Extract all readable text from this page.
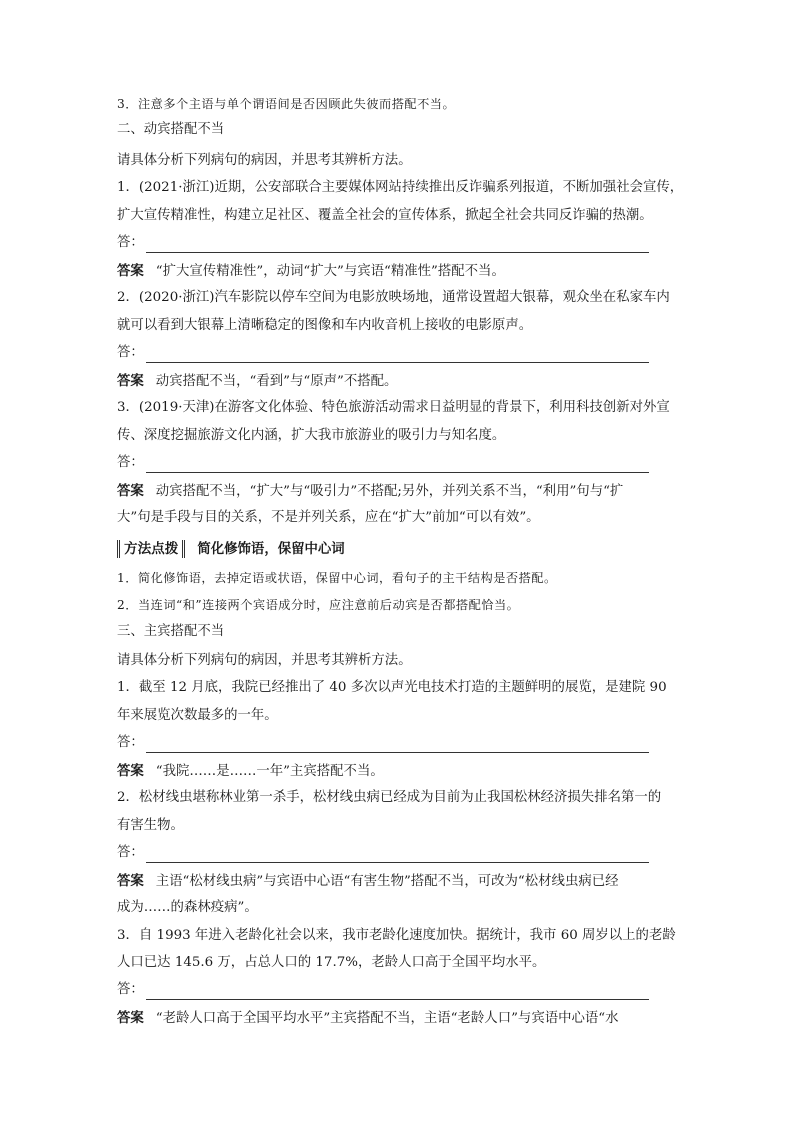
3．注意多个主语与单个谓语间是否因顾此失彼而搭配不当。
二、动宾搭配不当
请具体分析下列病句的病因，并思考其辨析方法。
1．(2021·浙江)近期，公安部联合主要媒体网站持续推出反诈骗系列报道，不断加强社会宣传，
扩大宣传精准性，构建立足社区、覆盖全社会的宣传体系，掀起全社会共同反诈骗的热潮。
答：
答案 “扩大宣传精准性”，动词“扩大”与宾语“精准性”搭配不当。
2．(2020·浙江)汽车影院以停车空间为电影放映场地，通常设置超大银幕，观众坐在私家车内
就可以看到大银幕上清晰稳定的图像和车内收音机上接收的电影原声。
答：
答案 动宾搭配不当，“看到”与“原声”不搭配。
3．(2019·天津)在游客文化体验、特色旅游活动需求日益明显的背景下，利用科技创新对外宣
传、深度挖掘旅游文化内涵，扩大我市旅游业的吸引力与知名度。
答：
答案 动宾搭配不当，“扩大”与“吸引力”不搭配;另外，并列关系不当，“利用”句与“扩
大”句是手段与目的关系，不是并列关系，应在“扩大”前加“可以有效”。
方法点拨 简化修饰语，保留中心词
1．简化修饰语，去掉定语或状语，保留中心词，看句子的主干结构是否搭配。
2．当连词“和”连接两个宾语成分时，应注意前后动宾是否都搭配恰当。
三、主宾搭配不当
请具体分析下列病句的病因，并思考其辨析方法。
1．截至 12 月底，我院已经推出了 40 多次以声光电技术打造的主题鲜明的展览，是建院 90
年来展览次数最多的一年。
答：
答案 “我院……是……一年”主宾搭配不当。
2．松材线虫堪称林业第一杀手，松材线虫病已经成为目前为止我国松林经济损失排名第一的
有害生物。
答：
答案 主语“松材线虫病”与宾语中心语“有害生物”搭配不当，可改为“松材线虫病已经
成为……的森林疫病”。
3．自 1993 年进入老龄化社会以来，我市老龄化速度加快。据统计，我市 60 周岁以上的老龄
人口已达 145.6 万，占总人口的 17.7%，老龄人口高于全国平均水平。
答：
答案 “老龄人口高于全国平均水平”主宾搭配不当，主语“老龄人口”与宾语中心语“水
